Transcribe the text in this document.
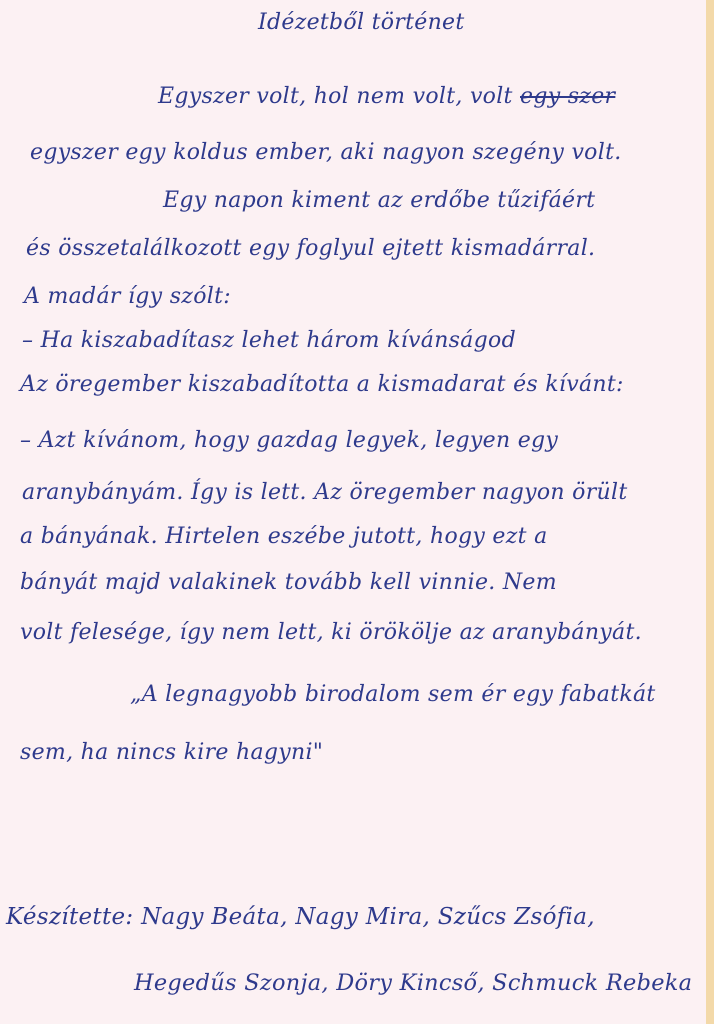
Idézetből történet
Egyszer volt, hol nem volt, volt egy szer
egyszer egy koldus ember, aki nagyon szegény volt.
Egy napon kiment az erdőbe tűzifáért
és összetalálkozott egy foglyul ejtett kismadárral.
A madár így szólt:
– Ha kiszabadítasz lehet három kívánságod
Az öregember kiszabadította a kismadarat és kívánt:
– Azt kívánom, hogy gazdag legyek, legyen egy
aranybányám. Így is lett. Az öregember nagyon örült
a bányának. Hirtelen eszébe jutott, hogy ezt a
bányát majd valakinek tovább kell vinnie. Nem
volt felesége, így nem lett, ki örökölje az aranybányát.
„A legnagyobb birodalom sem ér egy fabatkát
sem, ha nincs kire hagyni"
Készítette: Nagy Beáta, Nagy Mira, Szűcs Zsófia,
Hegedűs Szonja, Döry Kincső, Schmuck Rebeka
